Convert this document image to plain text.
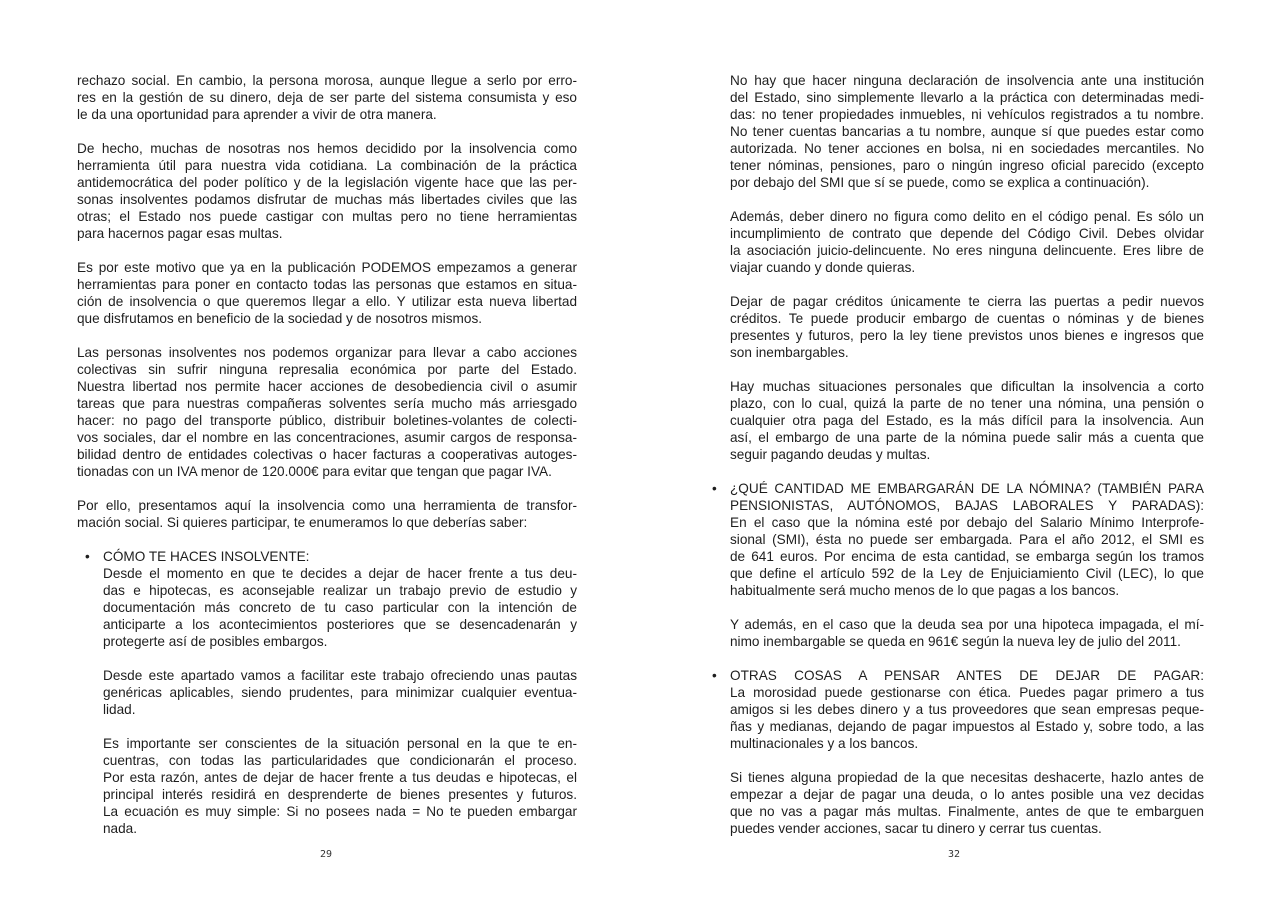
rechazo social. En cambio, la persona morosa, aunque llegue a serlo por erro-
res en la gestión de su dinero, deja de ser parte del sistema consumista y eso
le da una oportunidad para aprender a vivir de otra manera.
De hecho, muchas de nosotras nos hemos decidido por la insolvencia como
herramienta útil para nuestra vida cotidiana. La combinación de la práctica
antidemocrática del poder político y de la legislación vigente hace que las per-
sonas insolventes podamos disfrutar de muchas más libertades civiles que las
otras; el Estado nos puede castigar con multas pero no tiene herramientas
para hacernos pagar esas multas.
Es por este motivo que ya en la publicación PODEMOS empezamos a generar
herramientas para poner en contacto todas las personas que estamos en situa-
ción de insolvencia o que queremos llegar a ello. Y utilizar esta nueva libertad
que disfrutamos en beneficio de la sociedad y de nosotros mismos.
Las personas insolventes nos podemos organizar para llevar a cabo acciones
colectivas sin sufrir ninguna represalia económica por parte del Estado.
Nuestra libertad nos permite hacer acciones de desobediencia civil o asumir
tareas que para nuestras compañeras solventes sería mucho más arriesgado
hacer: no pago del transporte público, distribuir boletines-volantes de colecti-
vos sociales, dar el nombre en las concentraciones, asumir cargos de responsa-
bilidad dentro de entidades colectivas o hacer facturas a cooperativas autoges-
tionadas con un IVA menor de 120.000€ para evitar que tengan que pagar IVA.
Por ello, presentamos aquí la insolvencia como una herramienta de transfor-
mación social. Si quieres participar, te enumeramos lo que deberías saber:
• CÓMO TE HACES INSOLVENTE:
Desde el momento en que te decides a dejar de hacer frente a tus deu-
das e hipotecas, es aconsejable realizar un trabajo previo de estudio y
documentación más concreto de tu caso particular con la intención de
anticiparte a los acontecimientos posteriores que se desencadenarán y
protegerte así de posibles embargos.
Desde este apartado vamos a facilitar este trabajo ofreciendo unas pautas
genéricas aplicables, siendo prudentes, para minimizar cualquier eventua-
lidad.
Es importante ser conscientes de la situación personal en la que te en-
cuentras, con todas las particularidades que condicionarán el proceso.
Por esta razón, antes de dejar de hacer frente a tus deudas e hipotecas, el
principal interés residirá en desprenderte de bienes presentes y futuros.
La ecuación es muy simple: Si no posees nada = No te pueden embargar
nada.
No hay que hacer ninguna declaración de insolvencia ante una institución
del Estado, sino simplemente llevarlo a la práctica con determinadas medi-
das: no tener propiedades inmuebles, ni vehículos registrados a tu nombre.
No tener cuentas bancarias a tu nombre, aunque sí que puedes estar como
autorizada. No tener acciones en bolsa, ni en sociedades mercantiles. No
tener nóminas, pensiones, paro o ningún ingreso oficial parecido (excepto
por debajo del SMI que sí se puede, como se explica a continuación).
Además, deber dinero no figura como delito en el código penal. Es sólo un
incumplimiento de contrato que depende del Código Civil. Debes olvidar
la asociación juicio-delincuente. No eres ninguna delincuente. Eres libre de
viajar cuando y donde quieras.
Dejar de pagar créditos únicamente te cierra las puertas a pedir nuevos
créditos. Te puede producir embargo de cuentas o nóminas y de bienes
presentes y futuros, pero la ley tiene previstos unos bienes e ingresos que
son inembargables.
Hay muchas situaciones personales que dificultan la insolvencia a corto
plazo, con lo cual, quizá la parte de no tener una nómina, una pensión o
cualquier otra paga del Estado, es la más difícil para la insolvencia. Aun
así, el embargo de una parte de la nómina puede salir más a cuenta que
seguir pagando deudas y multas.
• ¿QUÉ CANTIDAD ME EMBARGARÁN DE LA NÓMINA? (TAMBIÉN PARA
PENSIONISTAS, AUTÓNOMOS, BAJAS LABORALES Y PARADAS):
En el caso que la nómina esté por debajo del Salario Mínimo Interprofe-
sional (SMI), ésta no puede ser embargada. Para el año 2012, el SMI es
de 641 euros. Por encima de esta cantidad, se embarga según los tramos
que define el artículo 592 de la Ley de Enjuiciamiento Civil (LEC), lo que
habitualmente será mucho menos de lo que pagas a los bancos.
Y además, en el caso que la deuda sea por una hipoteca impagada, el mí-
nimo inembargable se queda en 961€ según la nueva ley de julio del 2011.
• OTRAS COSAS A PENSAR ANTES DE DEJAR DE PAGAR:
La morosidad puede gestionarse con ética. Puedes pagar primero a tus
amigos si les debes dinero y a tus proveedores que sean empresas peque-
ñas y medianas, dejando de pagar impuestos al Estado y, sobre todo, a las
multinacionales y a los bancos.
Si tienes alguna propiedad de la que necesitas deshacerte, hazlo antes de
empezar a dejar de pagar una deuda, o lo antes posible una vez decidas
que no vas a pagar más multas. Finalmente, antes de que te embarguen
puedes vender acciones, sacar tu dinero y cerrar tus cuentas.
29	32
